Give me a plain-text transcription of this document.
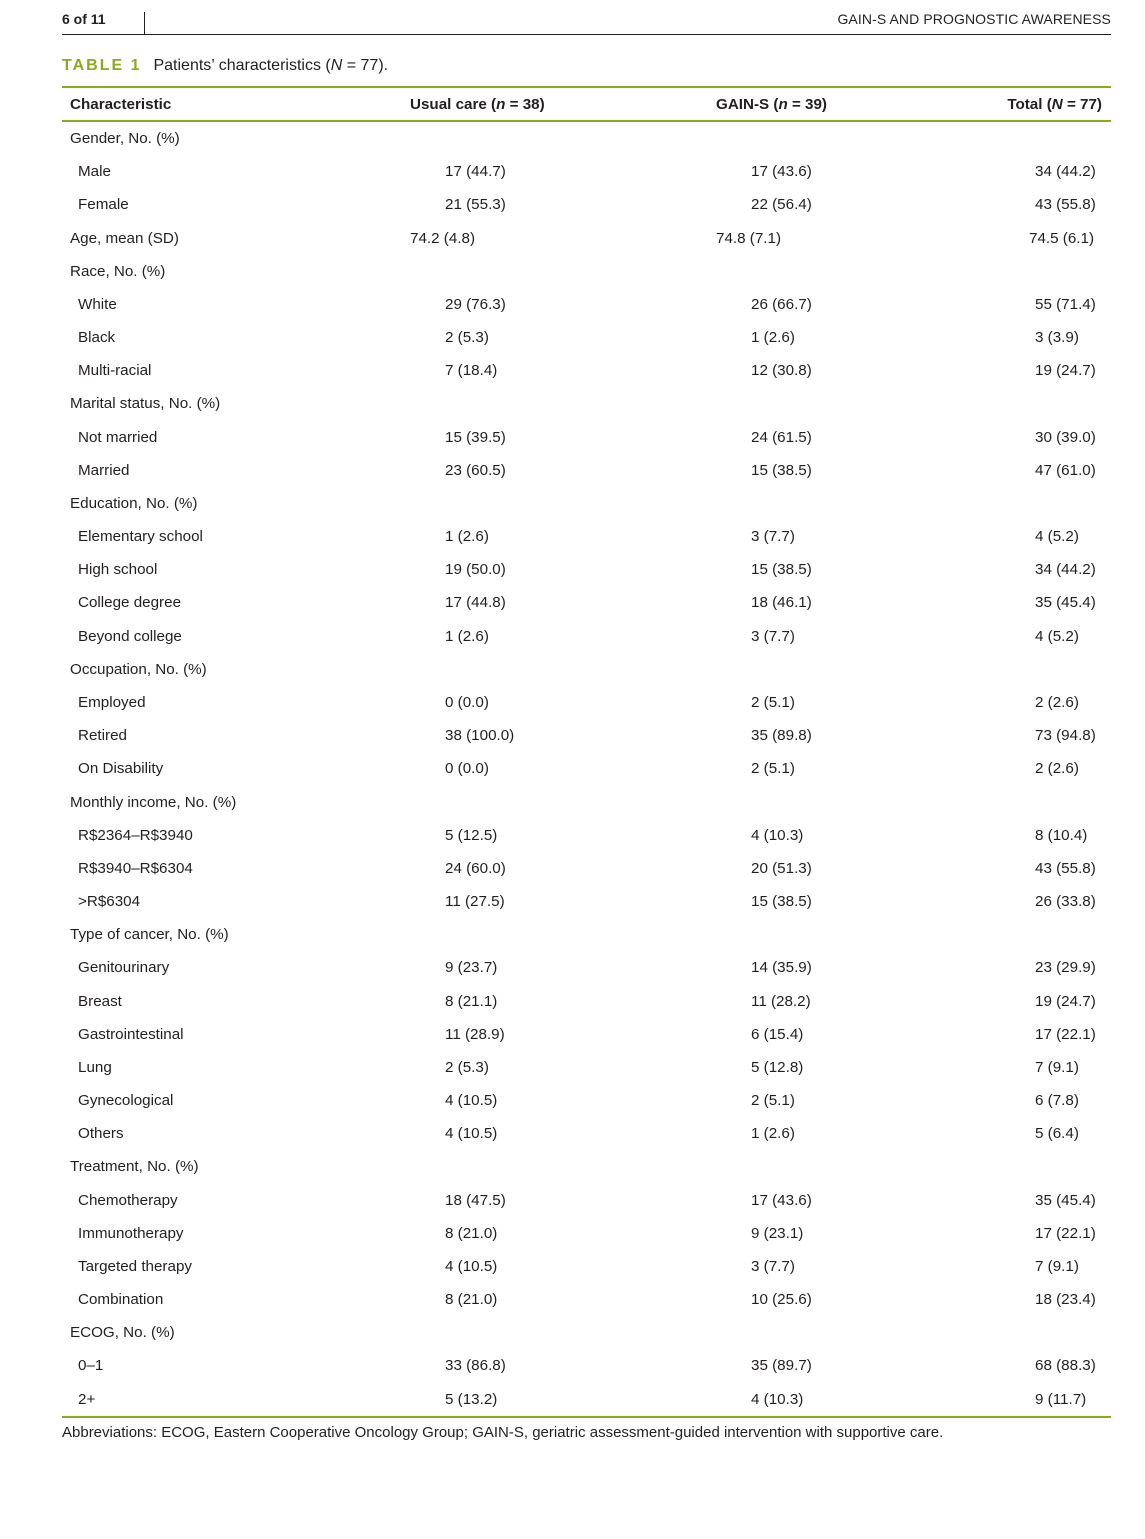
6 of 11	GAIN-S AND PROGNOSTIC AWARENESS
TABLE 1 Patients’ characteristics (N = 77).
Characteristic	Usual care (n = 38)	GAIN-S (n = 39)	Total (N = 77)
Gender, No. (%)			
Male	17 (44.7)	17 (43.6)	34 (44.2)
Female	21 (55.3)	22 (56.4)	43 (55.8)
Age, mean (SD)	74.2 (4.8)	74.8 (7.1)	74.5 (6.1)
Race, No. (%)			
White	29 (76.3)	26 (66.7)	55 (71.4)
Black	2 (5.3)	1 (2.6)	3 (3.9)
Multi-racial	7 (18.4)	12 (30.8)	19 (24.7)
Marital status, No. (%)			
Not married	15 (39.5)	24 (61.5)	30 (39.0)
Married	23 (60.5)	15 (38.5)	47 (61.0)
Education, No. (%)			
Elementary school	1 (2.6)	3 (7.7)	4 (5.2)
High school	19 (50.0)	15 (38.5)	34 (44.2)
College degree	17 (44.8)	18 (46.1)	35 (45.4)
Beyond college	1 (2.6)	3 (7.7)	4 (5.2)
Occupation, No. (%)			
Employed	0 (0.0)	2 (5.1)	2 (2.6)
Retired	38 (100.0)	35 (89.8)	73 (94.8)
On Disability	0 (0.0)	2 (5.1)	2 (2.6)
Monthly income, No. (%)			
R$2364–R$3940	5 (12.5)	4 (10.3)	8 (10.4)
R$3940–R$6304	24 (60.0)	20 (51.3)	43 (55.8)
>R$6304	11 (27.5)	15 (38.5)	26 (33.8)
Type of cancer, No. (%)			
Genitourinary	9 (23.7)	14 (35.9)	23 (29.9)
Breast	8 (21.1)	11 (28.2)	19 (24.7)
Gastrointestinal	11 (28.9)	6 (15.4)	17 (22.1)
Lung	2 (5.3)	5 (12.8)	7 (9.1)
Gynecological	4 (10.5)	2 (5.1)	6 (7.8)
Others	4 (10.5)	1 (2.6)	5 (6.4)
Treatment, No. (%)			
Chemotherapy	18 (47.5)	17 (43.6)	35 (45.4)
Immunotherapy	8 (21.0)	9 (23.1)	17 (22.1)
Targeted therapy	4 (10.5)	3 (7.7)	7 (9.1)
Combination	8 (21.0)	10 (25.6)	18 (23.4)
ECOG, No. (%)			
0–1	33 (86.8)	35 (89.7)	68 (88.3)
2+	5 (13.2)	4 (10.3)	9 (11.7)
Abbreviations: ECOG, Eastern Cooperative Oncology Group; GAIN-S, geriatric assessment-guided intervention with supportive care.
